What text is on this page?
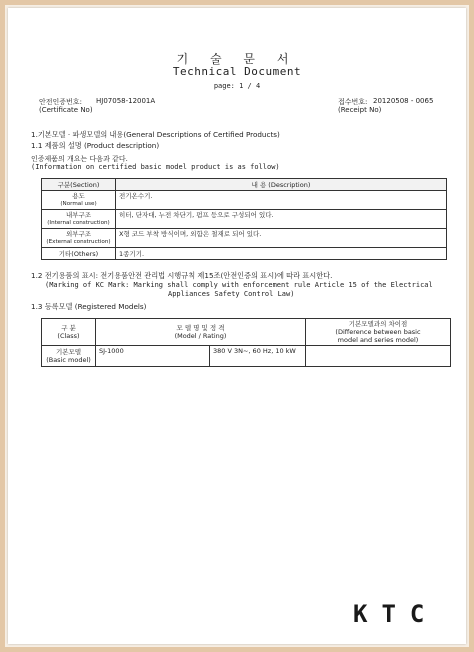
기 술 문 서
Technical Document
page: 1 / 4
안전인증번호: HJ07058-12001A
(Certificate No)
접수번호: 20120508 - 0065
(Receipt No)
1.기본모델 · 파생모델의 내용(General Descriptions of Certified Products)
1.1 제품의 설명 (Product description)
인증제품의 개요는 다음과 같다.
(Information on certified basic model product is as follow)
구분(Section)	내 용 (Description)
용도
(Normal use)	전기온수기.
내부구조
(Internal construction)	히터, 단자대, 누전 차단기, 펌프 등으로 구성되어 있다.
외부구조
(External construction)	X형 코드 부착 방식이며, 외함은 철재로 되어 있다.
기타(Others)	1종기기.
1.2 전기용품의 표시: 전기용품안전 관리법 시행규칙 제15조(안전인증의 표시)에 따라 표시한다.
(Marking of KC Mark: Marking shall comply with enforcement rule Article 15 of the Electrical
Appliances Safety Control Law)
1.3 등록모델 (Registered Models)
구 분
(Class)	모 델 명 및 정 격
(Model / Rating)		기본모델과의 차이점
(Difference between basic
model and series model)
기본모델
(Basic model)	SJ-1000	380 V 3N~, 60 Hz, 10 kW	
KTC
